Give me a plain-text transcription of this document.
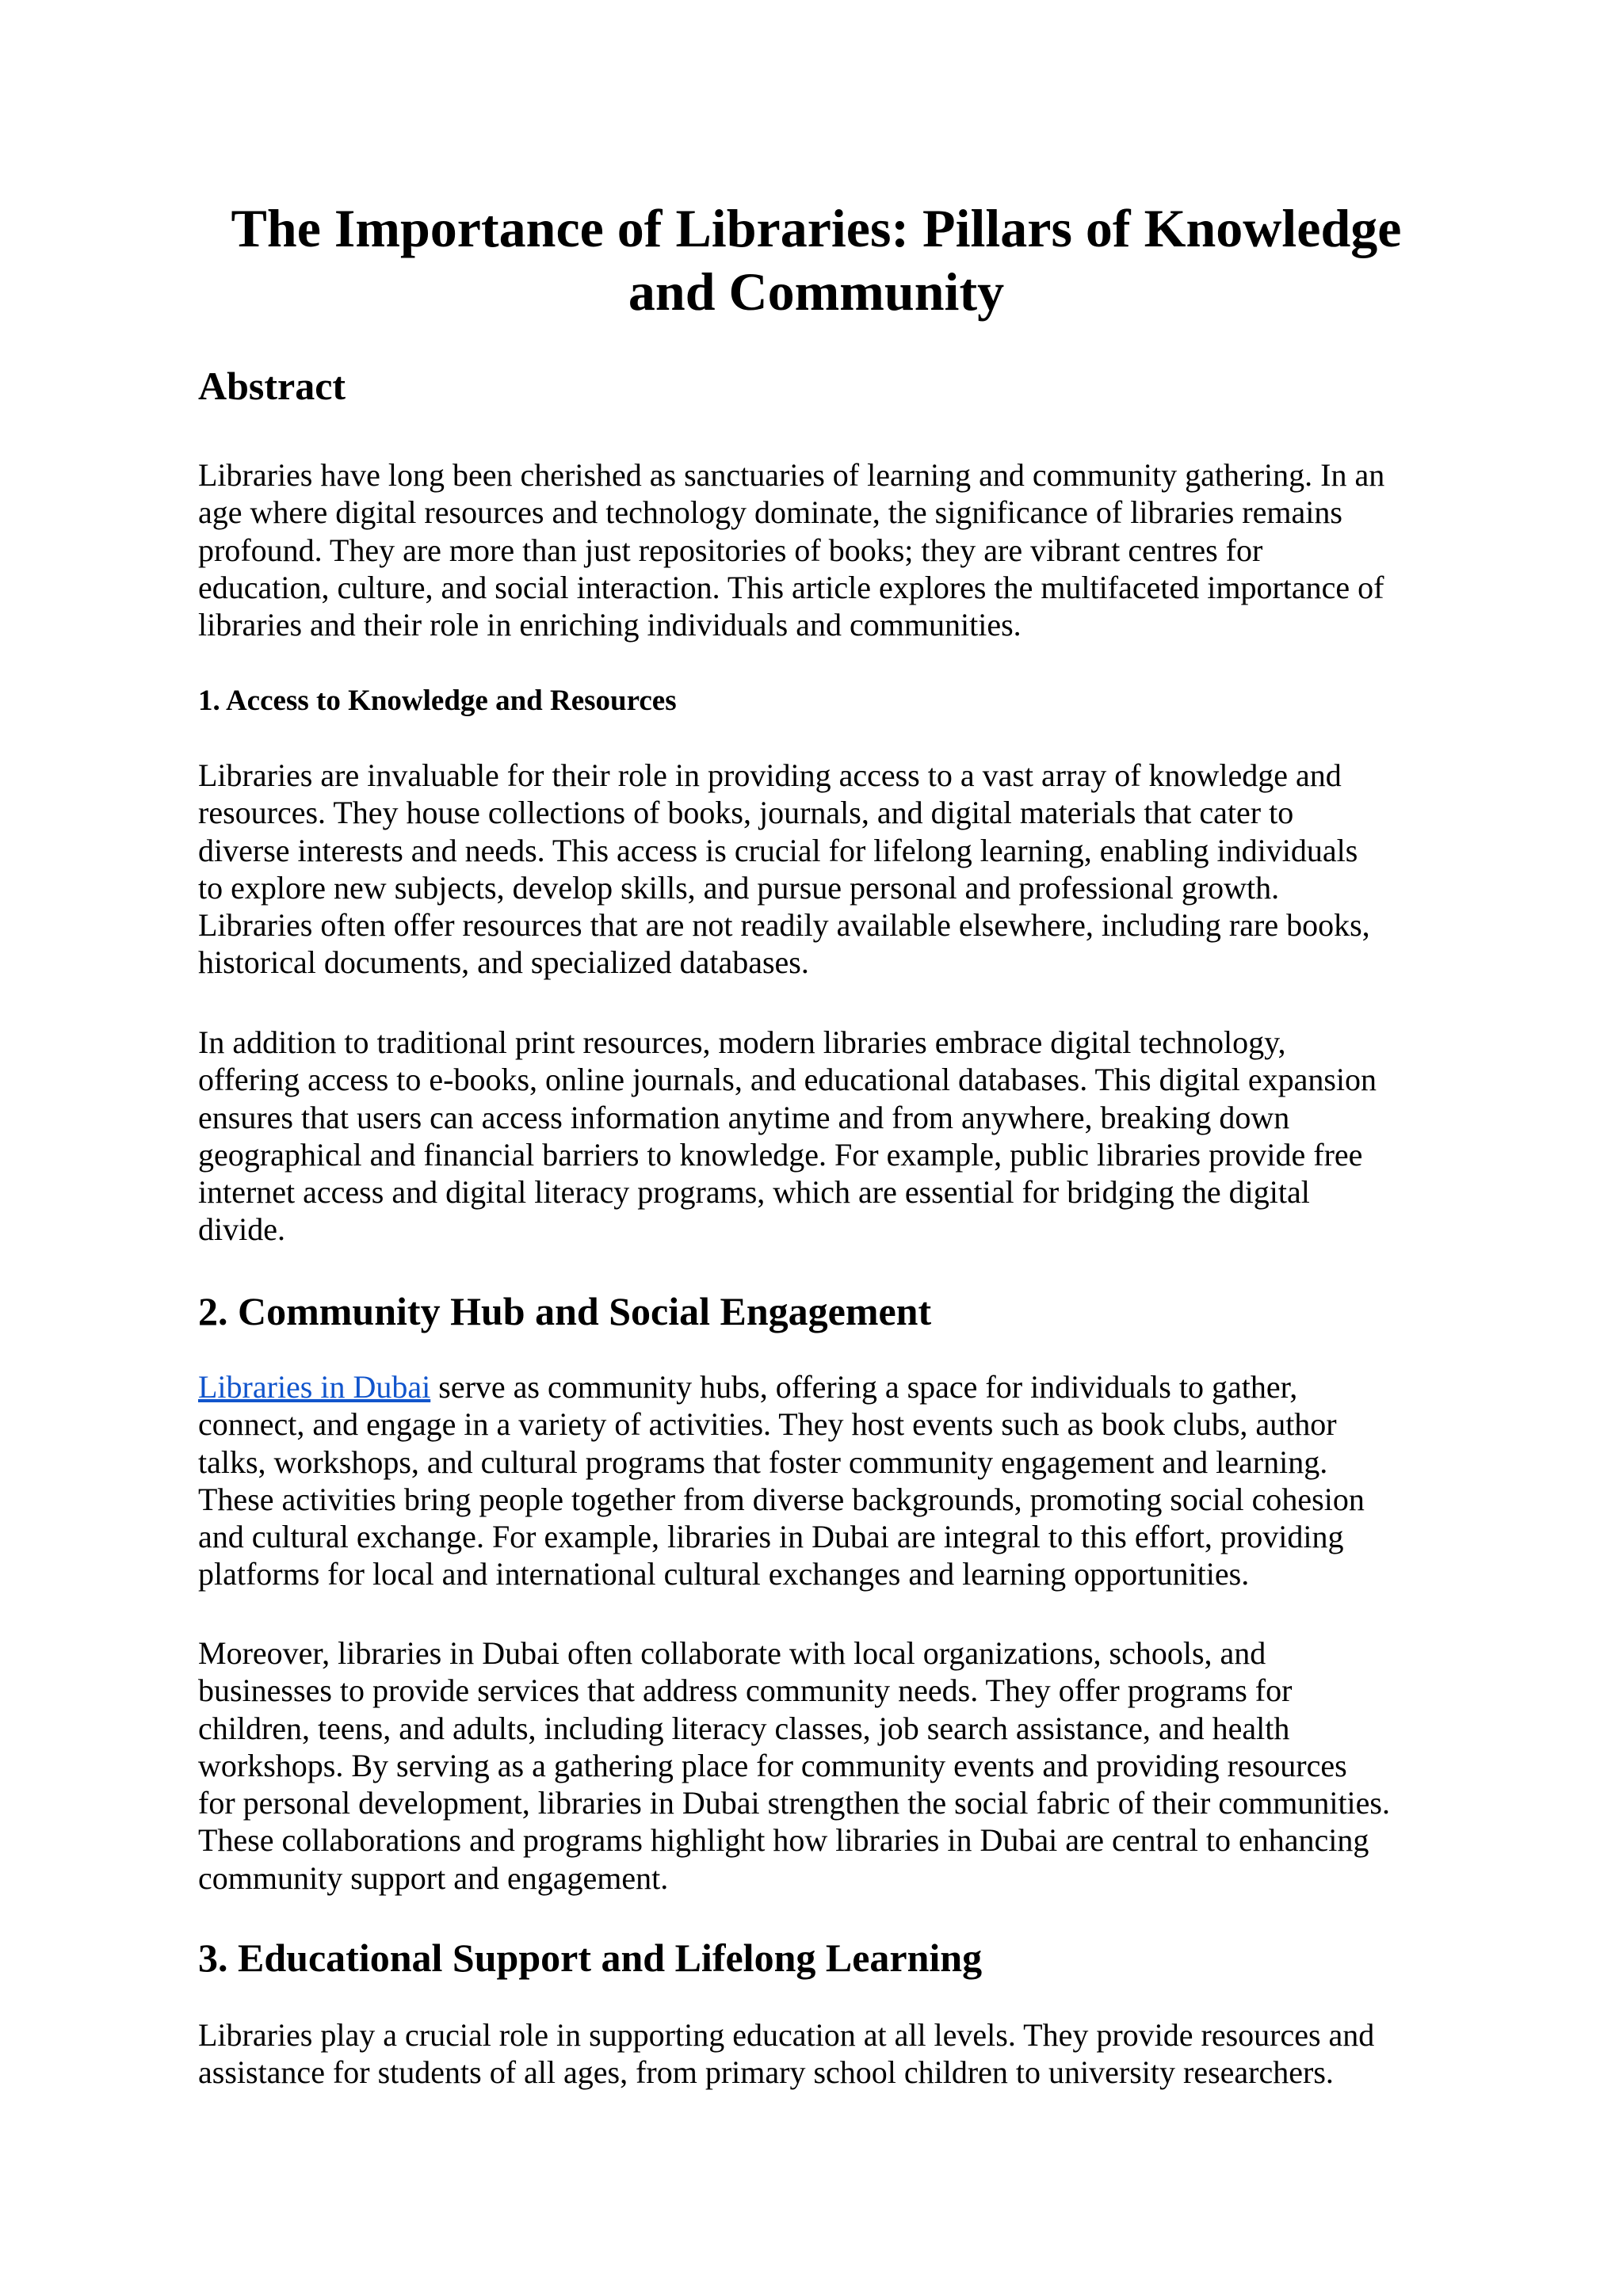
The Importance of Libraries: Pillars of Knowledge
and Community
Abstract

Libraries have long been cherished as sanctuaries of learning and community gathering. In an
age where digital resources and technology dominate, the significance of libraries remains
profound. They are more than just repositories of books; they are vibrant centres for
education, culture, and social interaction. This article explores the multifaceted importance of
libraries and their role in enriching individuals and communities.

1. Access to Knowledge and Resources

Libraries are invaluable for their role in providing access to a vast array of knowledge and
resources. They house collections of books, journals, and digital materials that cater to
diverse interests and needs. This access is crucial for lifelong learning, enabling individuals
to explore new subjects, develop skills, and pursue personal and professional growth.
Libraries often offer resources that are not readily available elsewhere, including rare books,
historical documents, and specialized databases.

In addition to traditional print resources, modern libraries embrace digital technology,
offering access to e-books, online journals, and educational databases. This digital expansion
ensures that users can access information anytime and from anywhere, breaking down
geographical and financial barriers to knowledge. For example, public libraries provide free
internet access and digital literacy programs, which are essential for bridging the digital
divide.

2. Community Hub and Social Engagement

Libraries in Dubai serve as community hubs, offering a space for individuals to gather,
connect, and engage in a variety of activities. They host events such as book clubs, author
talks, workshops, and cultural programs that foster community engagement and learning.
These activities bring people together from diverse backgrounds, promoting social cohesion
and cultural exchange. For example, libraries in Dubai are integral to this effort, providing
platforms for local and international cultural exchanges and learning opportunities.

Moreover, libraries in Dubai often collaborate with local organizations, schools, and
businesses to provide services that address community needs. They offer programs for
children, teens, and adults, including literacy classes, job search assistance, and health
workshops. By serving as a gathering place for community events and providing resources
for personal development, libraries in Dubai strengthen the social fabric of their communities.
These collaborations and programs highlight how libraries in Dubai are central to enhancing
community support and engagement.

3. Educational Support and Lifelong Learning

Libraries play a crucial role in supporting education at all levels. They provide resources and
assistance for students of all ages, from primary school children to university researchers.
